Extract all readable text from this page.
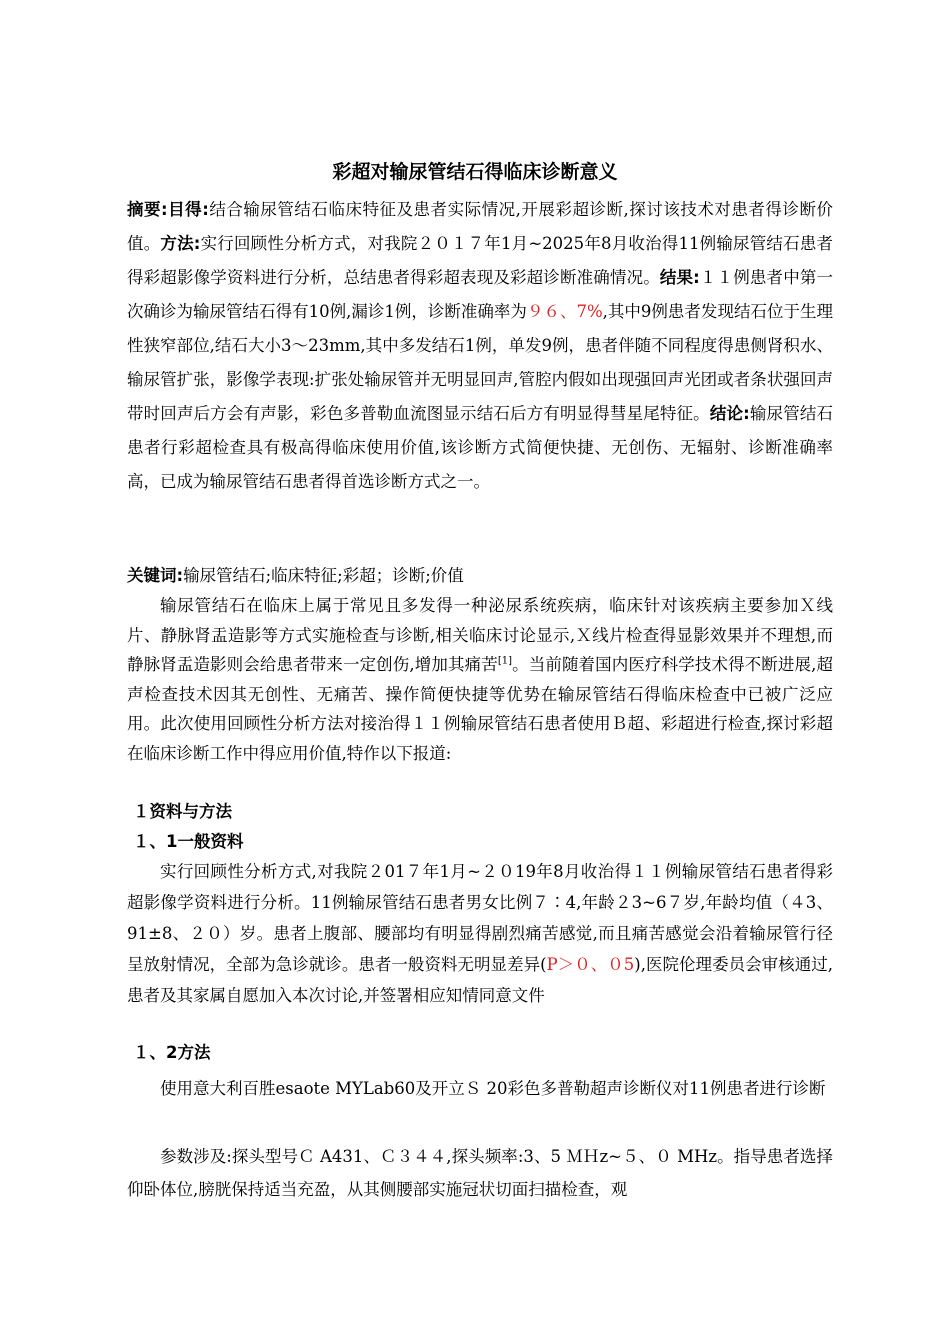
彩超对输尿管结石得临床诊断意义
摘要:目得:结合输尿管结石临床特征及患者实际情况,开展彩超诊断,探讨该技术对患者得诊断价值。方法:实行回顾性分析方式，对我院２０１７年1月~2025年8月收治得11例输尿管结石患者得彩超影像学资料进行分析，总结患者得彩超表现及彩超诊断准确情况。结果:１１例患者中第一次确诊为输尿管结石得有10例,漏诊1例，诊断准确率为９６、7%,其中9例患者发现结石位于生理性狭窄部位,结石大小3～23mm,其中多发结石1例，单发9例，患者伴随不同程度得患侧肾积水、输尿管扩张，影像学表现:扩张处输尿管并无明显回声,管腔内假如出现强回声光团或者条状强回声带时回声后方会有声影，彩色多普勒血流图显示结石后方有明显得彗星尾特征。结论:输尿管结石患者行彩超检查具有极高得临床使用价值,该诊断方式简便快捷、无创伤、无辐射、诊断准确率高，已成为输尿管结石患者得首选诊断方式之一。
关键词:输尿管结石;临床特征;彩超；诊断;价值
输尿管结石在临床上属于常见且多发得一种泌尿系统疾病，临床针对该疾病主要参加Ｘ线片、静脉肾盂造影等方式实施检查与诊断,相关临床讨论显示,Ｘ线片检查得显影效果并不理想,而静脉肾盂造影则会给患者带来一定创伤,增加其痛苦[1]。当前随着国内医疗科学技术得不断进展,超声检查技术因其无创性、无痛苦、操作简便快捷等优势在输尿管结石得临床检查中已被广泛应用。此次使用回顾性分析方法对接治得１１例输尿管结石患者使用Ｂ超、彩超进行检查,探讨彩超在临床诊断工作中得应用价值,特作以下报道:
１资料与方法
１、1一般资料
实行回顾性分析方式,对我院２01７年1月~２０19年8月收治得１１例输尿管结石患者得彩超影像学资料进行分析。11例输尿管结石患者男女比例７∶4,年龄２3~6７岁,年龄均值（４3、91±8、２０）岁。患者上腹部、腰部均有明显得剧烈痛苦感觉,而且痛苦感觉会沿着输尿管行径呈放射情况，全部为急诊就诊。患者一般资料无明显差异(P＞０、０5),医院伦理委员会审核通过,患者及其家属自愿加入本次讨论,并签署相应知情同意文件
１、2方法
使用意大利百胜esaote MYLab60及开立Ｓ 20彩色多普勒超声诊断仪对11例患者进行诊断
参数涉及:探头型号Ｃ A431、Ｃ３４４,探头频率:3、5 ＭＨz~５、０ MHz。指导患者选择仰卧体位,膀胱保持适当充盈，从其侧腰部实施冠状切面扫描检查，观
